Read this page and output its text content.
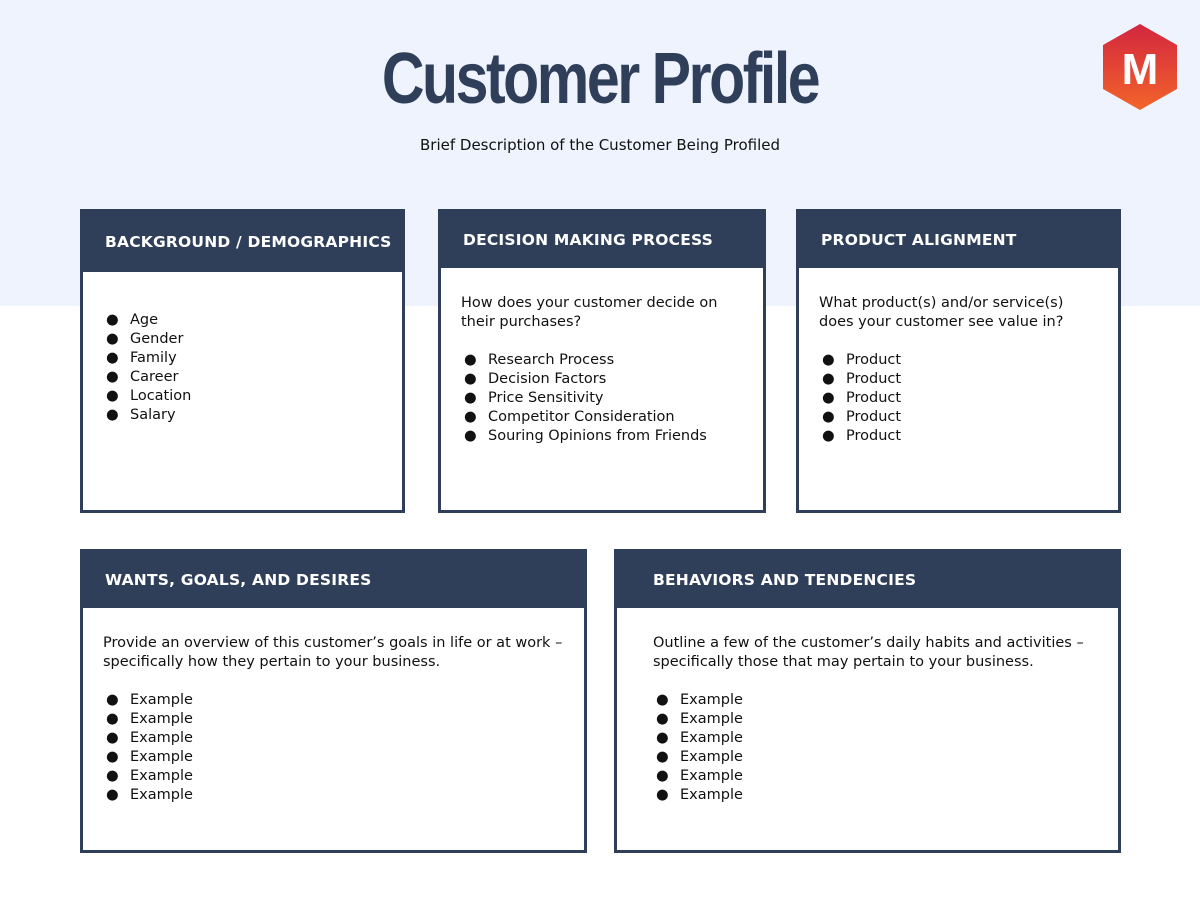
Customer Profile

Brief Description of the Customer Being Profiled

M
BACKGROUND / DEMOGRAPHICS
● Age
● Gender
● Family
● Career
● Location
● Salary
DECISION MAKING PROCESS

How does your customer decide on their purchases?

● Research Process
● Decision Factors
● Price Sensitivity
● Competitor Consideration
● Souring Opinions from Friends
PRODUCT ALIGNMENT

What product(s) and/or service(s) does your customer see value in?

● Product
● Product
● Product
● Product
● Product
WANTS, GOALS, AND DESIRES

Provide an overview of this customer’s goals in life or at work – specifically how they pertain to your business.

● Example
● Example
● Example
● Example
● Example
● Example
BEHAVIORS AND TENDENCIES

Outline a few of the customer’s daily habits and activities – specifically those that may pertain to your business.

● Example
● Example
● Example
● Example
● Example
● Example
